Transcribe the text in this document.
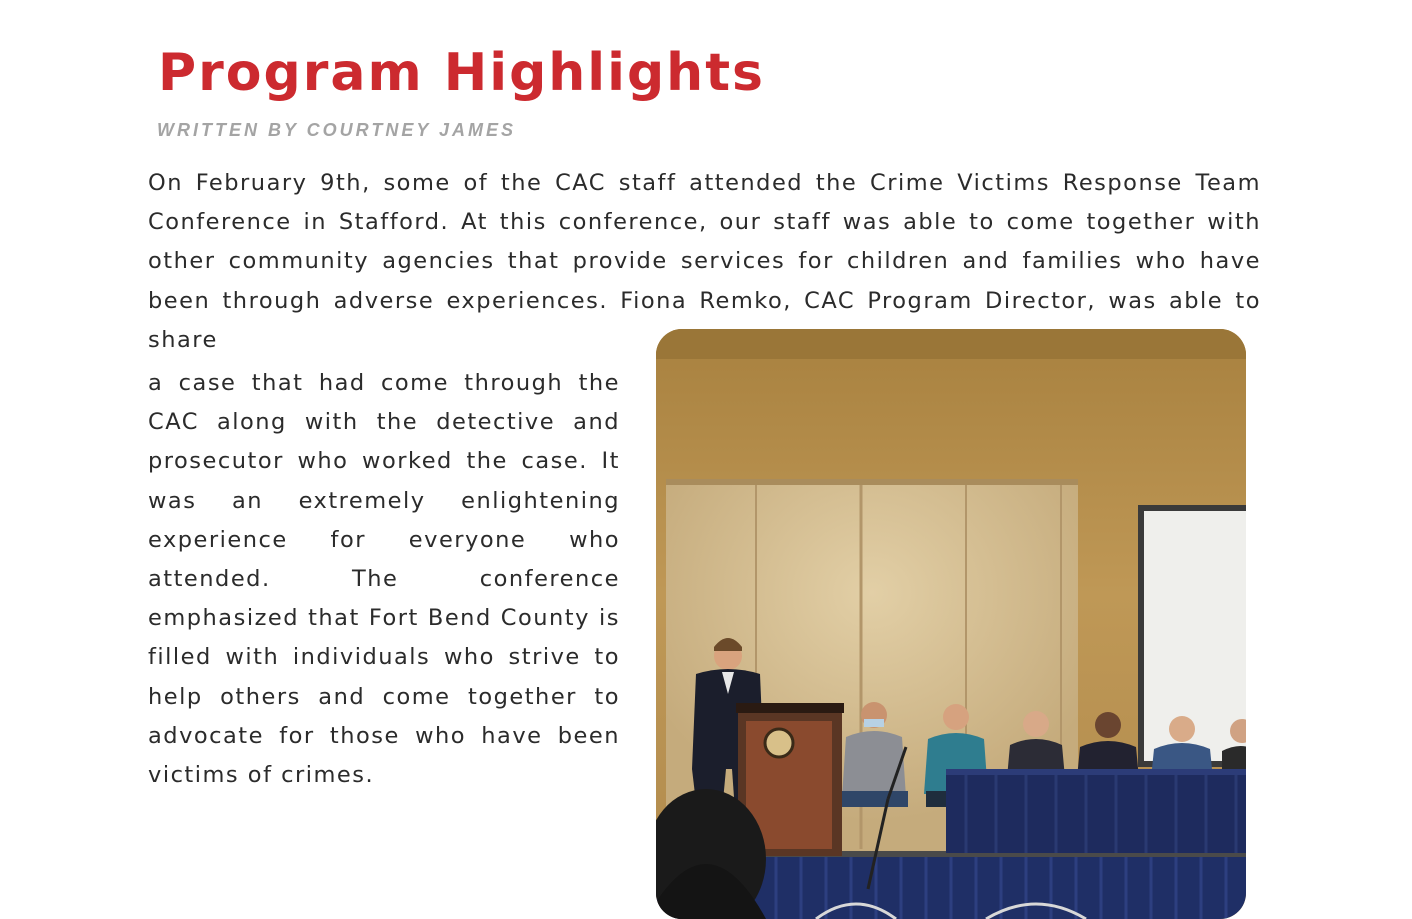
Program Highlights
WRITTEN BY COURTNEY JAMES

On February 9th, some of the CAC staff attended the Crime Victims Response Team Conference in Stafford. At this conference, our staff was able to come together with other community agencies that provide services for children and families who have been through adverse experiences. Fiona Remko, CAC Program Director, was able to share

a case that had come through the CAC along with the detective and prosecutor who worked the case. It was an extremely enlightening experience for everyone who attended. The conference emphasized that Fort Bend County is filled with individuals who strive to help others and come together to advocate for those who have been victims of crimes.
